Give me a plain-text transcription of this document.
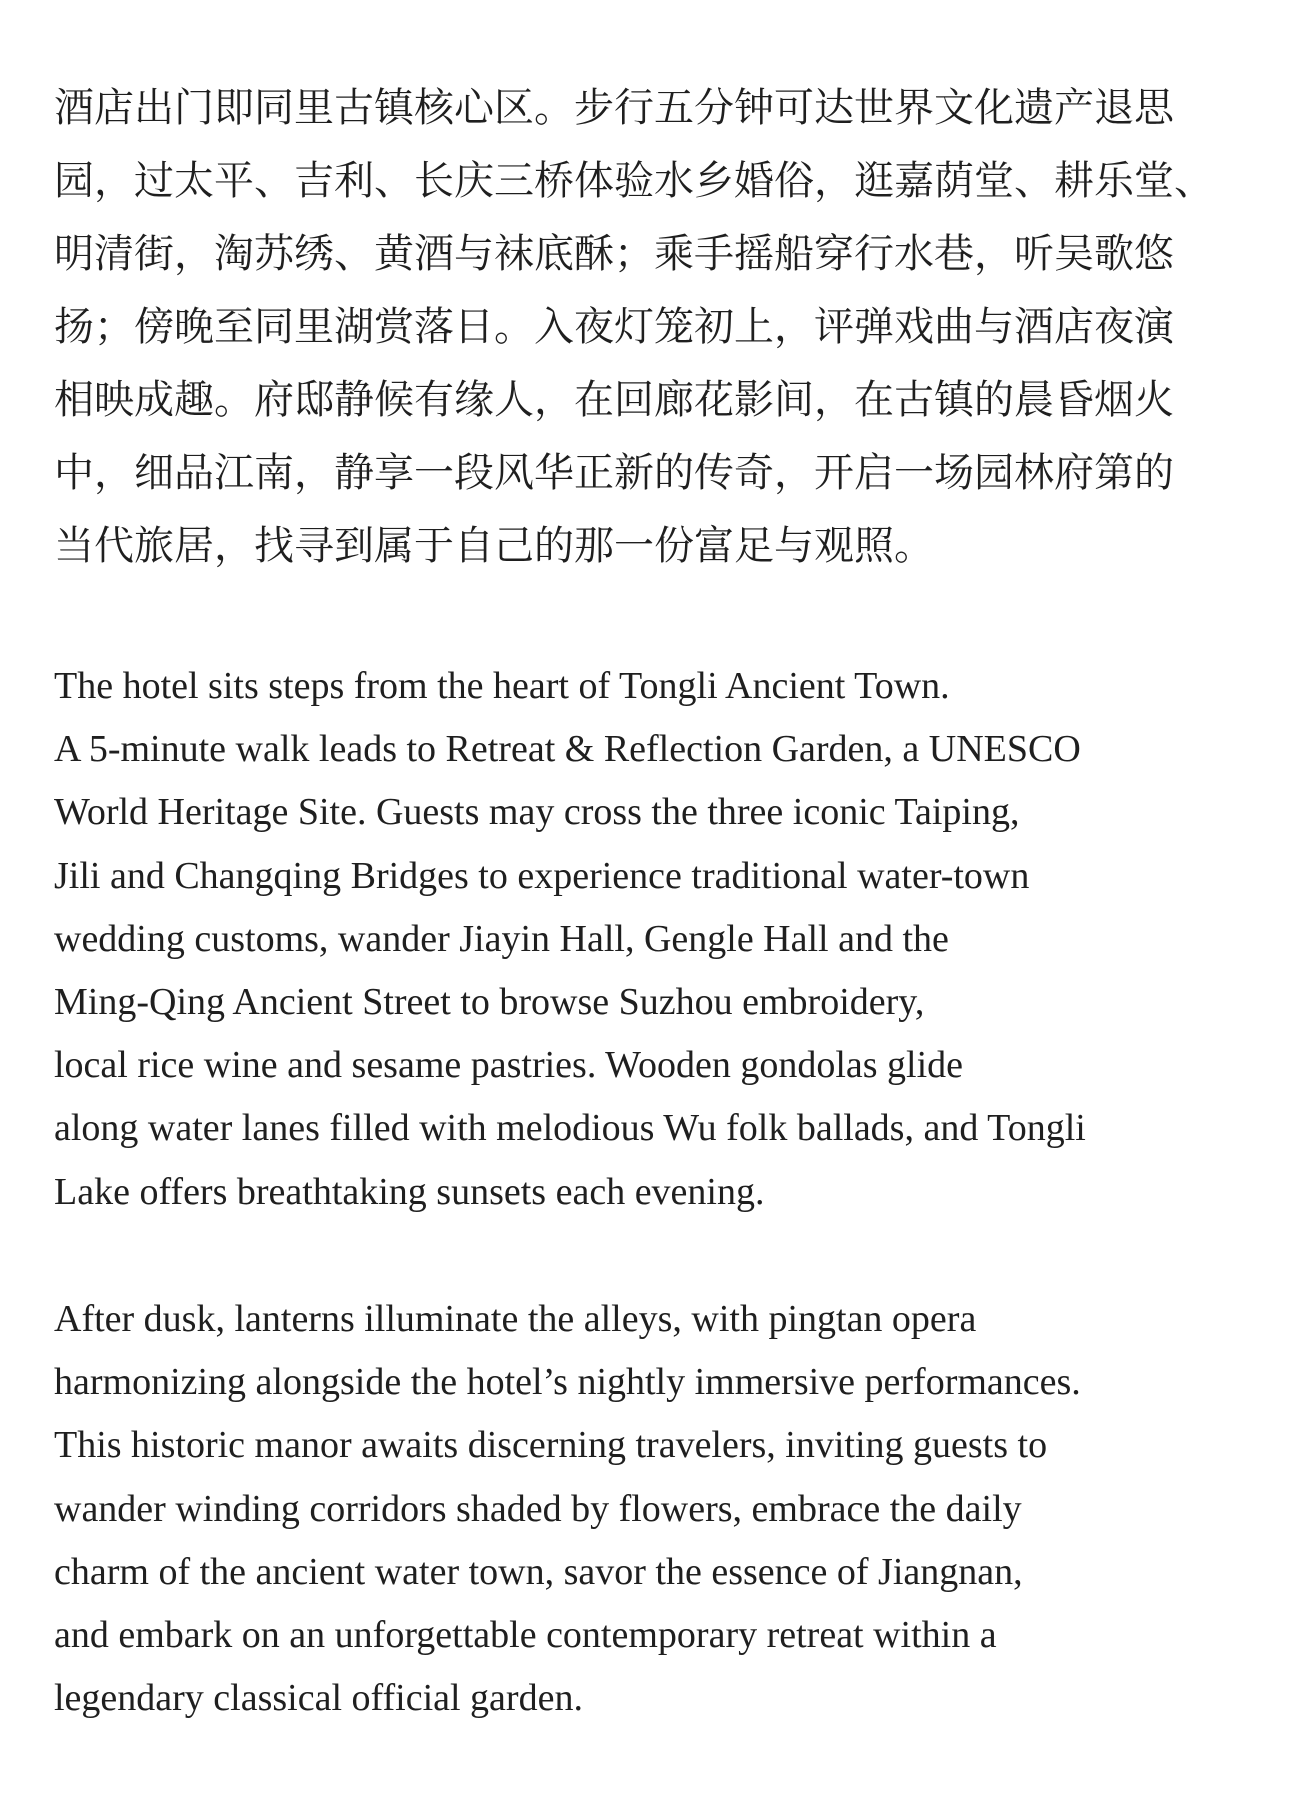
酒店出门即同里古镇核心区。步行五分钟可达世界文化遗产退思
园，过太平、吉利、长庆三桥体验水乡婚俗，逛嘉荫堂、耕乐堂、
明清街，淘苏绣、黄酒与袜底酥；乘手摇船穿行水巷，听吴歌悠
扬；傍晚至同里湖赏落日。入夜灯笼初上，评弹戏曲与酒店夜演
相映成趣。府邸静候有缘人，在回廊花影间，在古镇的晨昏烟火
中，细品江南，静享一段风华正新的传奇，开启一场园林府第的
当代旅居，找寻到属于自己的那一份富足与观照。

The hotel sits steps from the heart of Tongli Ancient Town.
A 5-minute walk leads to Retreat & Reflection Garden, a UNESCO
World Heritage Site. Guests may cross the three iconic Taiping,
Jili and Changqing Bridges to experience traditional water-town
wedding customs, wander Jiayin Hall, Gengle Hall and the
Ming-Qing Ancient Street to browse Suzhou embroidery,
local rice wine and sesame pastries. Wooden gondolas glide
along water lanes filled with melodious Wu folk ballads, and Tongli
Lake offers breathtaking sunsets each evening.

After dusk, lanterns illuminate the alleys, with pingtan opera
harmonizing alongside the hotel’s nightly immersive performances.
This historic manor awaits discerning travelers, inviting guests to
wander winding corridors shaded by flowers, embrace the daily
charm of the ancient water town, savor the essence of Jiangnan,
and embark on an unforgettable contemporary retreat within a
legendary classical official garden.
